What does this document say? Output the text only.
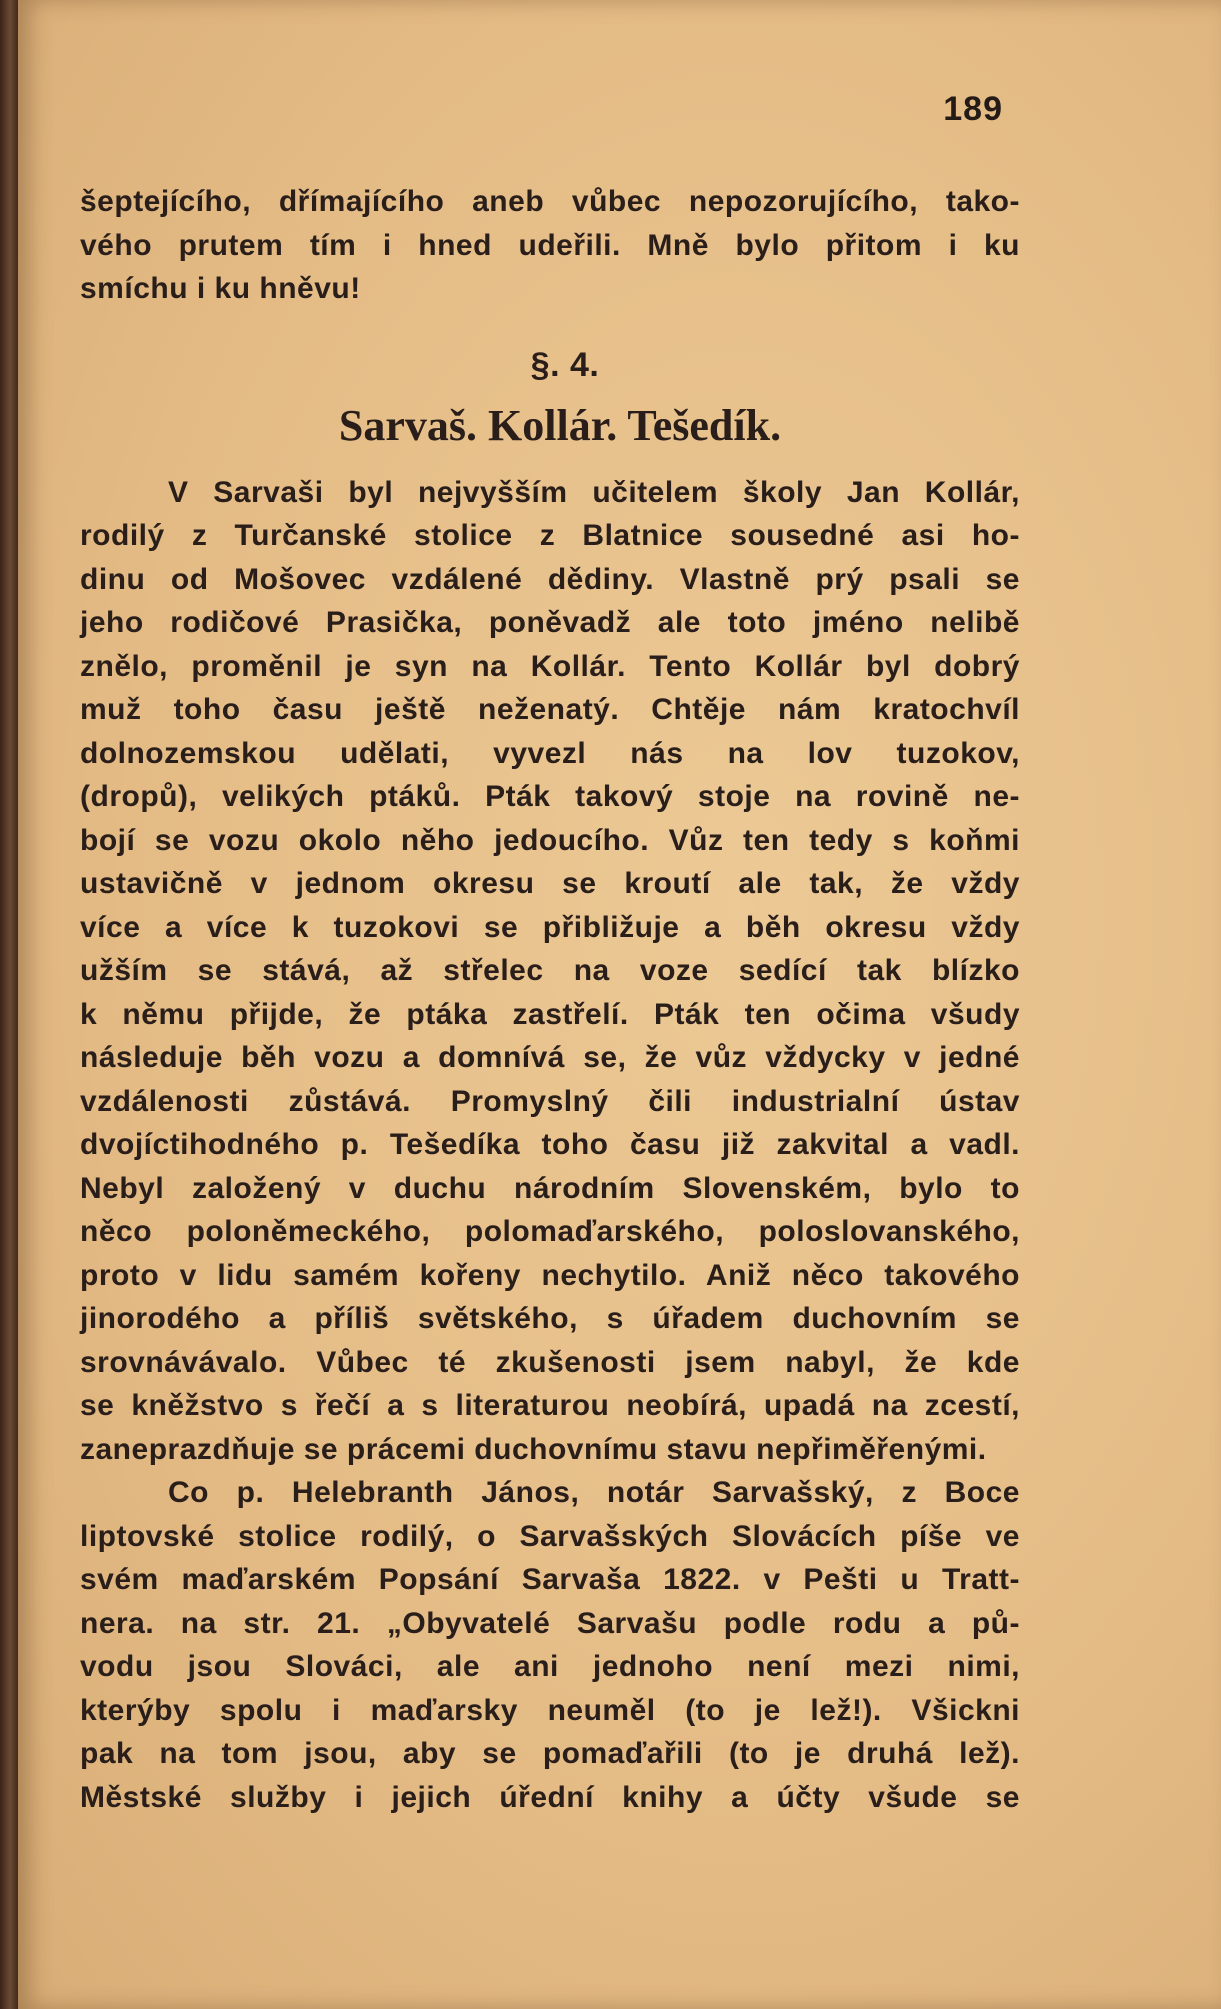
189
šeptejícího, dřímajícího aneb vůbec nepozorujícího, tako-
vého prutem tím i hned udeřili. Mně bylo přitom i ku
smíchu i ku hněvu!
§. 4.
Sarvaš. Kollár. Tešedík.
V Sarvaši byl nejvyšším učitelem školy Jan Kollár,
rodilý z Turčanské stolice z Blatnice sousedné asi ho-
dinu od Mošovec vzdálené dědiny. Vlastně prý psali se
jeho rodičové Prasička, poněvadž ale toto jméno nelibě
znělo, proměnil je syn na Kollár. Tento Kollár byl dobrý
muž toho času ještě neženatý. Chtěje nám kratochvíl
dolnozemskou udělati, vyvezl nás na lov tuzokov,
(dropů), velikých ptáků. Pták takový stoje na rovině ne-
bojí se vozu okolo něho jedoucího. Vůz ten tedy s koňmi
ustavičně v jednom okresu se kroutí ale tak, že vždy
více a více k tuzokovi se přibližuje a běh okresu vždy
užším se stává, až střelec na voze sedící tak blízko
k němu přijde, že ptáka zastřelí. Pták ten očima všudy
následuje běh vozu a domnívá se, že vůz vždycky v jedné
vzdálenosti zůstává. Promyslný čili industrialní ústav
dvojíctihodného p. Tešedíka toho času již zakvital a vadl.
Nebyl založený v duchu národním Slovenském, bylo to
něco poloněmeckého, polomaďarského, poloslovanského,
proto v lidu samém kořeny nechytilo. Aniž něco takového
jinorodého a příliš světského, s úřadem duchovním se
srovnávávalo. Vůbec té zkušenosti jsem nabyl, že kde
se kněžstvo s řečí a s literaturou neobírá, upadá na zcestí,
zaneprazdňuje se prácemi duchovnímu stavu nepřiměřenými.
Co p. Helebranth János, notár Sarvašský, z Boce
liptovské stolice rodilý, o Sarvašských Slovácích píše ve
svém maďarském Popsání Sarvaša 1822. v Pešti u Tratt-
nera. na str. 21. „Obyvatelé Sarvašu podle rodu a pů-
vodu jsou Slováci, ale ani jednoho není mezi nimi,
kterýby spolu i maďarsky neuměl (to je lež!). Všickni
pak na tom jsou, aby se pomaďařili (to je druhá lež).
Městské služby i jejich úřední knihy a účty všude se
